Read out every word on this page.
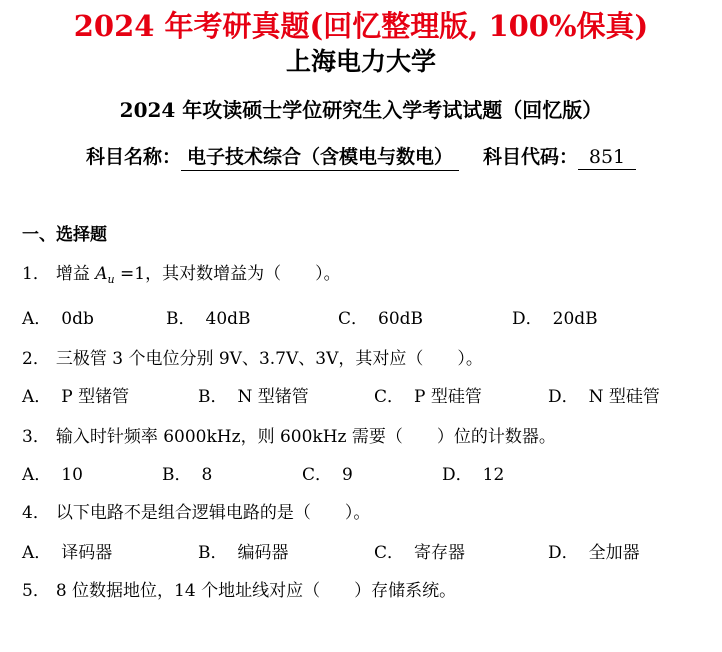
2024 年考研真题(回忆整理版, 100%保真)
上海电力大学
2024 年攻读硕士学位研究生入学考试试题（回忆版）
科目名称： 电子技术综合（含模电与数电） 科目代码： 851
一、选择题
1． 增益 $A_u =1$，其对数增益为（　　）。
A． 0db	B． 40dB	C． 60dB	D． 20dB
2． 三极管 3 个电位分别 9V、3.7V、3V，其对应（　　）。
A． P 型锗管	B． N 型锗管	C． P 型硅管	D． N 型硅管
3． 输入时针频率 6000kHz，则 600kHz 需要（　　）位的计数器。
A． 10	B． 8	C． 9	D． 12
4． 以下电路不是组合逻辑电路的是（　　）。
A． 译码器	B． 编码器	C． 寄存器	D． 全加器
5． 8 位数据地位，14 个地址线对应（　　）存储系统。
